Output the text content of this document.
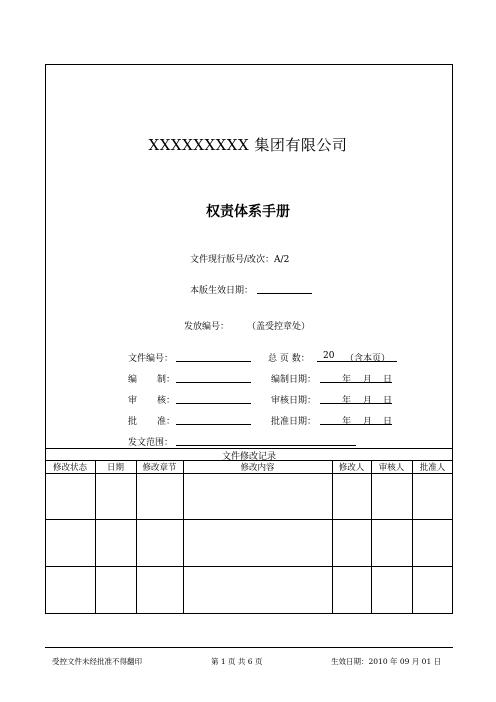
XXXXXXXXX 集团有限公司
权责体系手册
文件现行版号/改次：A/2
本版生效日期：
发放编号： （盖受控章处）
文件编号：	总 页 数： 20 （含本页）
编 制：	编制日期：	年 月 日
审 核：	审核日期：	年 月 日
批 准：	批准日期：	年 月 日
发文范围：
文件修改记录
修改状态	日期	修改章节	修改内容	修改人	审核人	批准人
受控文件未经批准不得翻印	第 1 页 共 6 页	生效日期：2010 年 09 月 01 日
